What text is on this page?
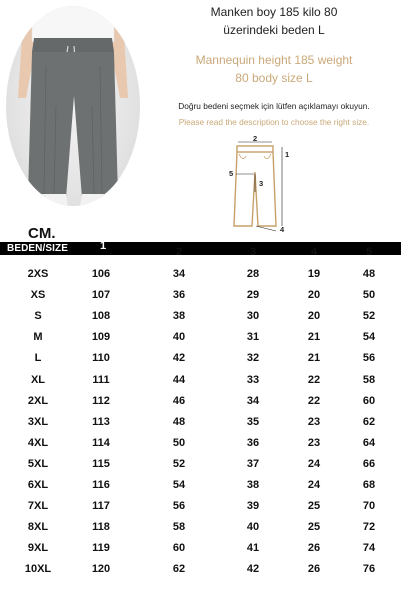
Manken boy 185 kilo 80
üzerindeki beden L
Mannequin height 185 weight
80 body size L
Doğru bedeni seçmek için lütfen açıklamayı okuyun.
Please read the description to choose the right size.
2
1
5
3
4
CM.
BEDEN/SIZE	1	2	3	4	5
2XS	106	34	28	19	48
XS	107	36	29	20	50
S	108	38	30	20	52
M	109	40	31	21	54
L	110	42	32	21	56
XL	111	44	33	22	58
2XL	112	46	34	22	60
3XL	113	48	35	23	62
4XL	114	50	36	23	64
5XL	115	52	37	24	66
6XL	116	54	38	24	68
7XL	117	56	39	25	70
8XL	118	58	40	25	72
9XL	119	60	41	26	74
10XL	120	62	42	26	76
